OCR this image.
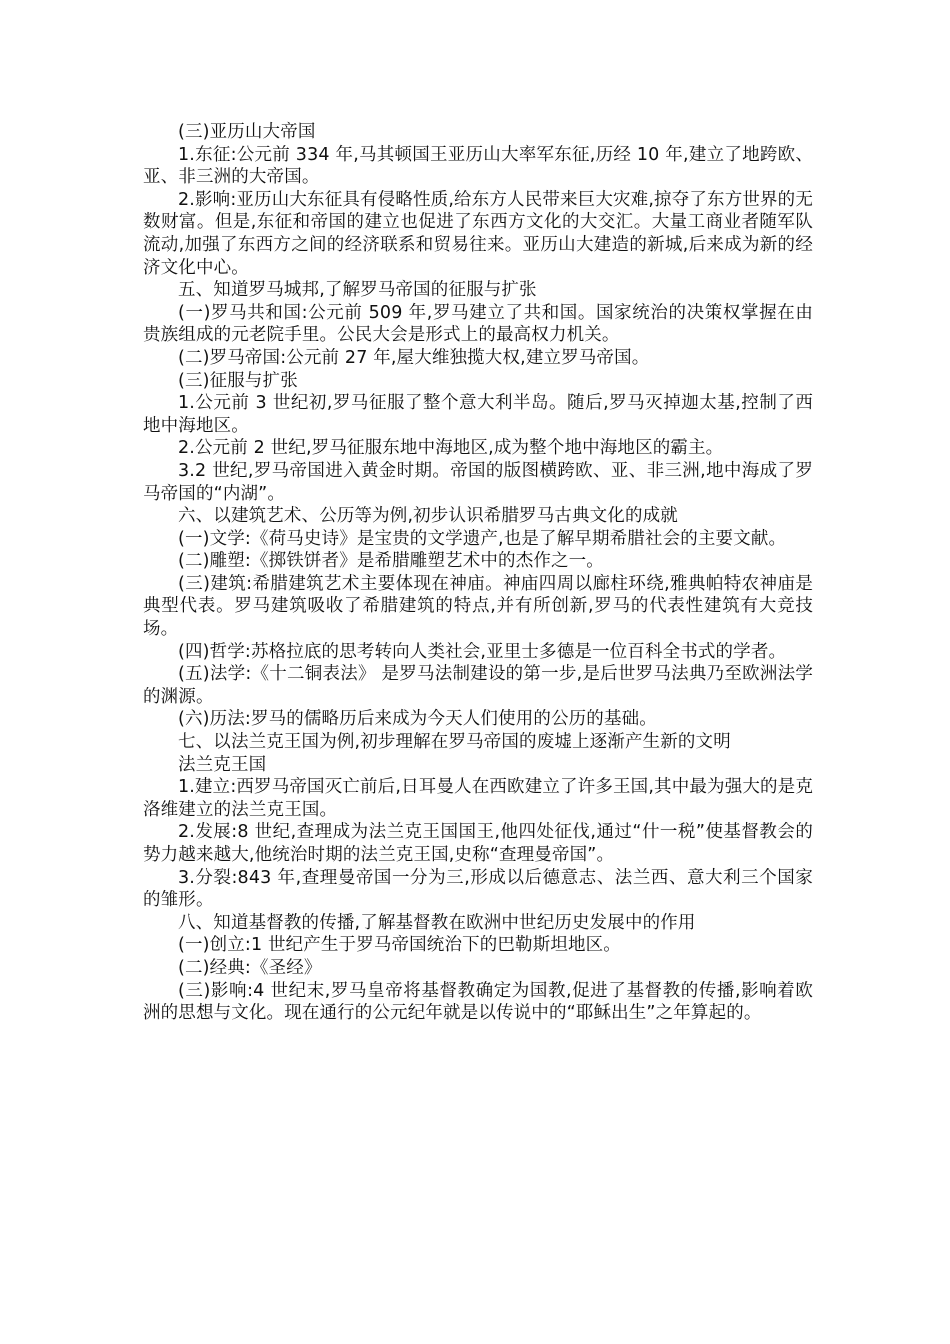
(三)亚历山大帝国

1.东征:公元前 334 年,马其顿国王亚历山大率军东征,历经 10 年,建立了地跨欧、亚、非三洲的大帝国。

2.影响:亚历山大东征具有侵略性质,给东方人民带来巨大灾难,掠夺了东方世界的无数财富。但是,东征和帝国的建立也促进了东西方文化的大交汇。大量工商业者随军队流动,加强了东西方之间的经济联系和贸易往来。亚历山大建造的新城,后来成为新的经济文化中心。

五、知道罗马城邦,了解罗马帝国的征服与扩张

(一)罗马共和国:公元前 509 年,罗马建立了共和国。国家统治的决策权掌握在由贵族组成的元老院手里。公民大会是形式上的最高权力机关。

(二)罗马帝国:公元前 27 年,屋大维独揽大权,建立罗马帝国。

(三)征服与扩张

1.公元前 3 世纪初,罗马征服了整个意大利半岛。随后,罗马灭掉迦太基,控制了西地中海地区。

2.公元前 2 世纪,罗马征服东地中海地区,成为整个地中海地区的霸主。

3.2 世纪,罗马帝国进入黄金时期。帝国的版图横跨欧、亚、非三洲,地中海成了罗马帝国的“内湖”。

六、以建筑艺术、公历等为例,初步认识希腊罗马古典文化的成就

(一)文学:《荷马史诗》是宝贵的文学遗产,也是了解早期希腊社会的主要文献。

(二)雕塑:《掷铁饼者》是希腊雕塑艺术中的杰作之一。

(三)建筑:希腊建筑艺术主要体现在神庙。神庙四周以廊柱环绕,雅典帕特农神庙是典型代表。罗马建筑吸收了希腊建筑的特点,并有所创新,罗马的代表性建筑有大竞技场。

(四)哲学:苏格拉底的思考转向人类社会,亚里士多德是一位百科全书式的学者。

(五)法学:《十二铜表法》 是罗马法制建设的第一步,是后世罗马法典乃至欧洲法学的渊源。

(六)历法:罗马的儒略历后来成为今天人们使用的公历的基础。

七、以法兰克王国为例,初步理解在罗马帝国的废墟上逐渐产生新的文明

法兰克王国

1.建立:西罗马帝国灭亡前后,日耳曼人在西欧建立了许多王国,其中最为强大的是克洛维建立的法兰克王国。

2.发展:8 世纪,查理成为法兰克王国国王,他四处征伐,通过“什一税”使基督教会的势力越来越大,他统治时期的法兰克王国,史称“查理曼帝国”。

3.分裂:843 年,查理曼帝国一分为三,形成以后德意志、法兰西、意大利三个国家的雏形。

八、知道基督教的传播,了解基督教在欧洲中世纪历史发展中的作用

(一)创立:1 世纪产生于罗马帝国统治下的巴勒斯坦地区。

(二)经典:《圣经》

(三)影响:4 世纪末,罗马皇帝将基督教确定为国教,促进了基督教的传播,影响着欧洲的思想与文化。现在通行的公元纪年就是以传说中的“耶稣出生”之年算起的。
